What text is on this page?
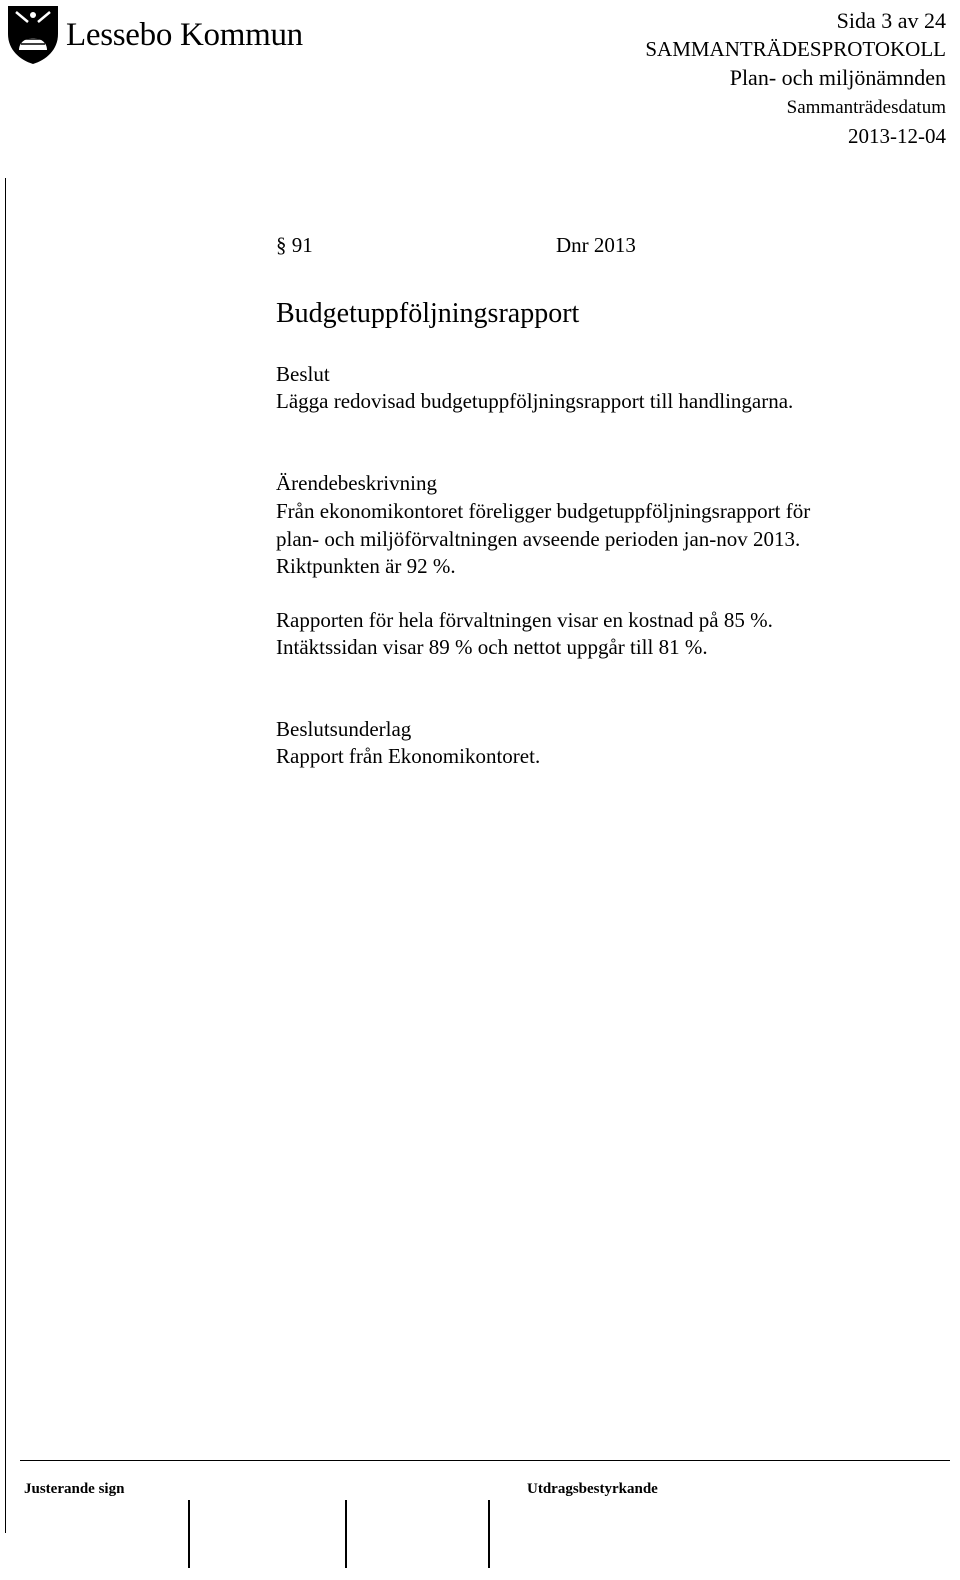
Lessebo Kommun	Sida 3 av 24
SAMMANTRÄDESPROTOKOLL
Plan- och miljönämnden
Sammanträdesdatum
2013-12-04
§ 91	Dnr 2013
Budgetuppföljningsrapport
Beslut
Lägga redovisad budgetuppföljningsrapport till handlingarna.
Ärendebeskrivning
Från ekonomikontoret föreligger budgetuppföljningsrapport för
plan- och miljöförvaltningen avseende perioden jan-nov 2013.
Riktpunkten är 92 %.
Rapporten för hela förvaltningen visar en kostnad på 85 %.
Intäktssidan visar 89 % och nettot uppgår till 81 %.
Beslutsunderlag
Rapport från Ekonomikontoret.
Justerande sign	Utdragsbestyrkande
